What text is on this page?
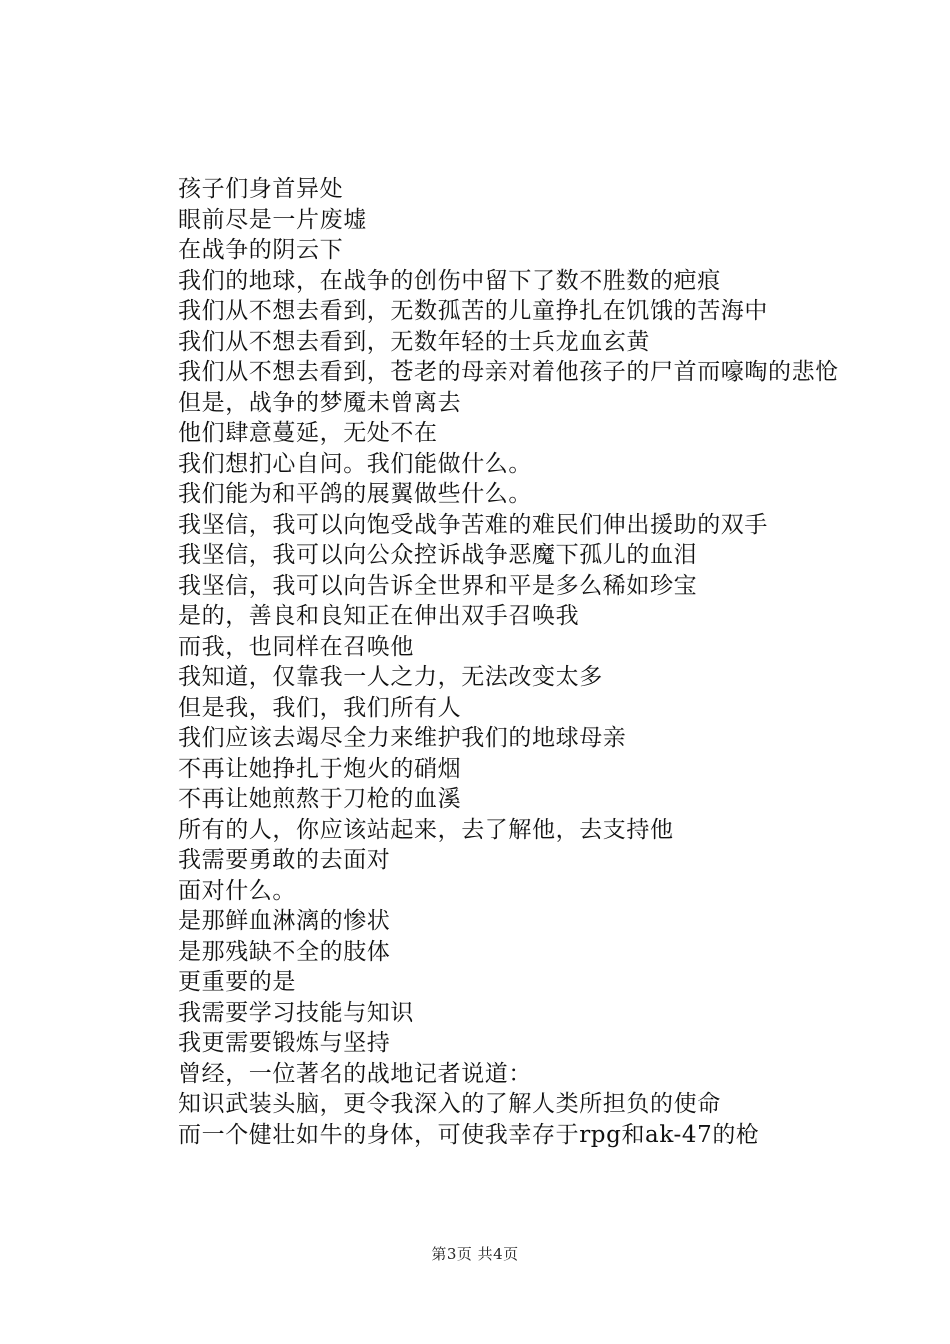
孩子们身首异处

眼前尽是一片废墟

在战争的阴云下

我们的地球，在战争的创伤中留下了数不胜数的疤痕

我们从不想去看到，无数孤苦的儿童挣扎在饥饿的苦海中

我们从不想去看到，无数年轻的士兵龙血玄黄

我们从不想去看到，苍老的母亲对着他孩子的尸首而嚎啕的悲怆

但是，战争的梦魇未曾离去

他们肆意蔓延，无处不在

我们想扪心自问。我们能做什么。

我们能为和平鸽的展翼做些什么。

我坚信，我可以向饱受战争苦难的难民们伸出援助的双手

我坚信，我可以向公众控诉战争恶魔下孤儿的血泪

我坚信，我可以向告诉全世界和平是多么稀如珍宝

是的，善良和良知正在伸出双手召唤我

而我，也同样在召唤他

我知道，仅靠我一人之力，无法改变太多

但是我，我们，我们所有人

我们应该去竭尽全力来维护我们的地球母亲

不再让她挣扎于炮火的硝烟

不再让她煎熬于刀枪的血溪

所有的人，你应该站起来，去了解他，去支持他

我需要勇敢的去面对

面对什么。

是那鲜血淋漓的惨状

是那残缺不全的肢体

更重要的是

我需要学习技能与知识

我更需要锻炼与坚持

曾经，一位著名的战地记者说道：

知识武装头脑，更令我深入的了解人类所担负的使命

而一个健壮如牛的身体，可使我幸存于rpg和ak-47的枪

第3页 共4页
